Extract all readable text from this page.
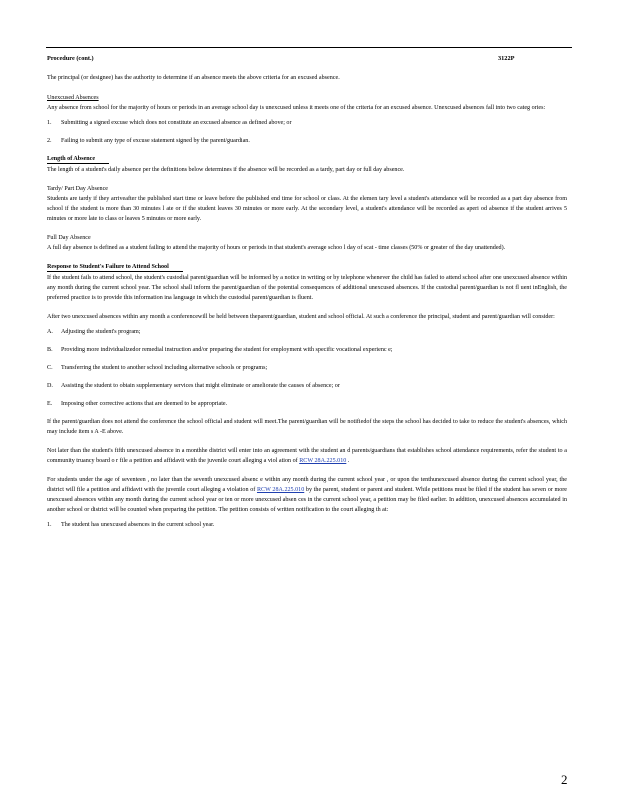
Procedure (cont.)	3122P

The principal (or designee) has the authority to determine if an absence meets the above criteria for an excused absence.

Unexcused Absences

Any absence from school for the majority of hours or periods in an average school day is unexcused unless it meets one of the criteria for an excused absence. Unexcused absences fall into two categ ories:

1.	Submitting a signed excuse which does not constitute an excused absence as defined above; or
2.	Failing to submit any type of excuse statement signed by the parent/guardian.
Length of Absence

The length of a student's daily absence per the definitions below determines if the absence will be recorded as a tardy, part day or full day absence.

Tardy/ Part Day Absence

Students are tardy if they arriveafter the published start time or leave before the published end time for school or class. At the elemen tary level a student's attendance will be recorded as a part day absence from school if the student is more than 30 minutes l ate or if the student leaves 30 minutes or more early. At the secondary level, a student's attendance will be recorded as aperi od absence if the student arrives 5 minutes or more late to class or leaves 5 minutes or more early.

Full Day Absence

A full day absence is defined as a student failing to attend the majority of hours or periods in that student's average schoo l day of scat - time classes (50% or greater of the day unattended).

Response to Student's Failure to Attend School

If the student fails to attend school, the student's custodial parent/guardian will be informed by a notice in writing or by telephone whenever the child has failed to attend school after one unexcused absence within any month during the current school year. The school shall inform the parent/guardian of the potential consequences of additional unexcused absences. If the custodial parent/guardian is not fl uent inEnglish, the preferred practice is to provide this information ina language in which the custodial parent/guardian is fluent.

After two unexcused absences within any month a conferencewill be held between theparent/guardian, student and school official. At such a conference the principal, student and parent/guardian will consider:

A.	Adjusting the student's program;
B.	Providing more individualizedor remedial instruction and/or preparing the student for employment with specific vocational experienc e;
C.	Transferring the student to another school including alternative schools or programs;
D.	Assisting the student to obtain supplementary services that might eliminate or ameliorate the causes of absence; or
E.	Imposing other corrective actions that are deemed to be appropriate.

If the parent/guardian does not attend the conference the school official and student will meet.The parent/guardian will be notifiedof the steps the school has decided to take to reduce the student's absences, which may include item s A -E above.

Not later than the student's fifth unexcused absence in a monthhe district will enter into an agreement with the student an d parents/guardians that establishes school attendance requirements, refer the student to a community truancy board o r file a petition and affidavit with the juvenile court alleging a viol ation of RCW 28A.225.010 .

For students under the age of seventeen , no later than the seventh unexcused absenc e within any month during the current school year , or upon the tenthunexcused absence during the current school year, the district will file a petition and affidavit with the juvenile court alleging a violation of RCW 28A.225.010 by the parent, student or parent and student. While petitions must be filed if the student has seven or more unexcused absences within any month during the current school year or ten or more unexcused absen ces in the current school year, a petition may be filed earlier. In addition, unexcused absences accumulated in another school or district will be counted when preparing the petition. The petition consists of written notification to the court alleging th at:

1.	The student has unexcused absences in the current school year.
2
